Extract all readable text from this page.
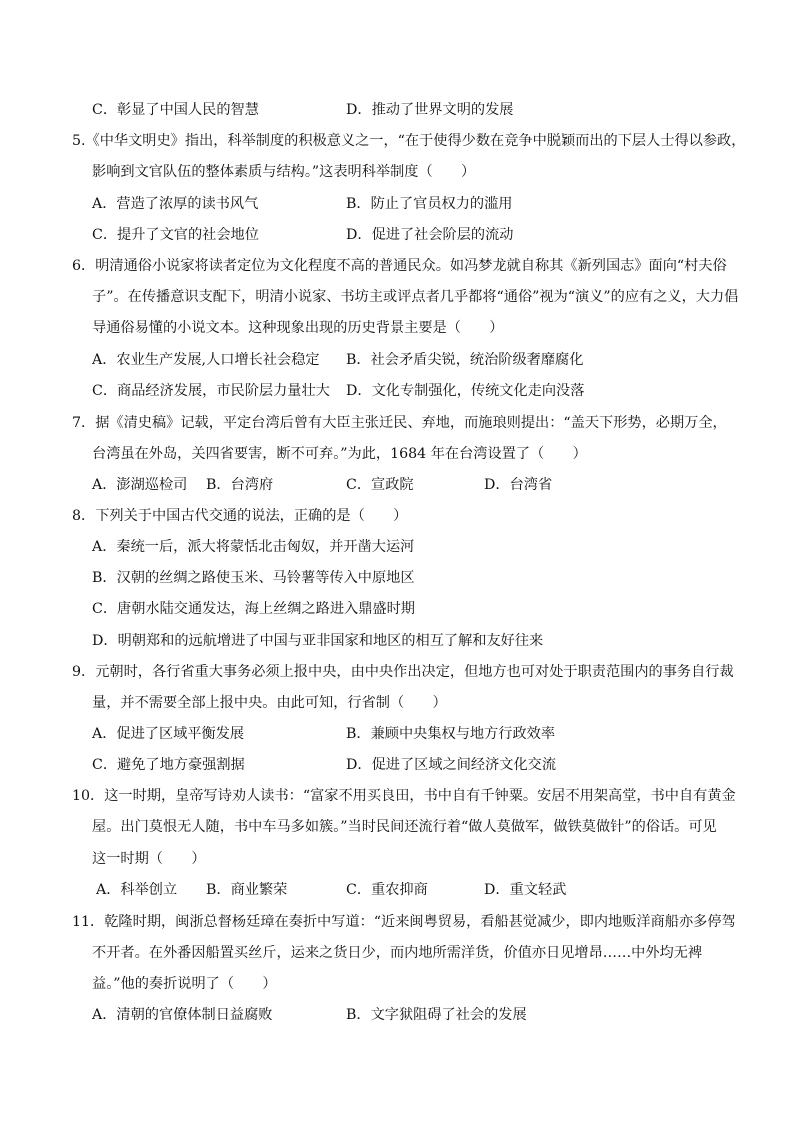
C．彰显了中国人民的智慧	D．推动了世界文明的发展
5.《中华文明史》指出，科举制度的积极意义之一，“在于使得少数在竞争中脱颖而出的下层人士得以参政，
影响到文官队伍的整体素质与结构。”这表明科举制度（　　）
A．营造了浓厚的读书风气	B．防止了官员权力的滥用
C．提升了文官的社会地位	D．促进了社会阶层的流动
6．明清通俗小说家将读者定位为文化程度不高的普通民众。如冯梦龙就自称其《新列国志》面向“村夫俗
子”。在传播意识支配下，明清小说家、书坊主或评点者几乎都将“通俗”视为“演义”的应有之义，大力倡
导通俗易懂的小说文本。这种现象出现的历史背景主要是（　　）
A．农业生产发展,人口增长社会稳定 B．社会矛盾尖锐，统治阶级奢靡腐化
C．商品经济发展，市民阶层力量壮大 D．文化专制强化，传统文化走向没落
7．据《清史稿》记载，平定台湾后曾有大臣主张迁民、弃地，而施琅则提出：“盖天下形势，必期万全，
台湾虽在外岛，关四省要害，断不可弃。”为此，1684 年在台湾设置了（　　）
A．澎湖巡检司 B．台湾府	C．宣政院	D．台湾省
8．下列关于中国古代交通的说法，正确的是（　　）
A．秦统一后，派大将蒙恬北击匈奴，并开凿大运河
B．汉朝的丝绸之路使玉米、马铃薯等传入中原地区
C．唐朝水陆交通发达，海上丝绸之路进入鼎盛时期
D．明朝郑和的远航增进了中国与亚非国家和地区的相互了解和友好往来
9．元朝时，各行省重大事务必须上报中央，由中央作出决定，但地方也可对处于职责范围内的事务自行裁
量，并不需要全部上报中央。由此可知，行省制（　　）
A．促进了区域平衡发展	B．兼顾中央集权与地方行政效率
C．避免了地方豪强割据	D．促进了区域之间经济文化交流
10．这一时期，皇帝写诗劝人读书：“富家不用买良田，书中自有千钟粟。安居不用架高堂，书中自有黄金
屋。出门莫恨无人随，书中车马多如簇。”当时民间还流行着“做人莫做军，做铁莫做针”的俗话。可见
这一时期（　　）
A．科举创立 B．商业繁荣	C．重农抑商	D．重文轻武
11．乾隆时期，闽浙总督杨廷璋在奏折中写道：“近来闽粤贸易，看船甚觉减少，即内地贩洋商船亦多停驾
不开者。在外番因船置买丝斤，运来之货日少，而内地所需洋货，价值亦日见增昂……中外均无裨
益。”他的奏折说明了（　　）
A．清朝的官僚体制日益腐败	B．文字狱阻碍了社会的发展
